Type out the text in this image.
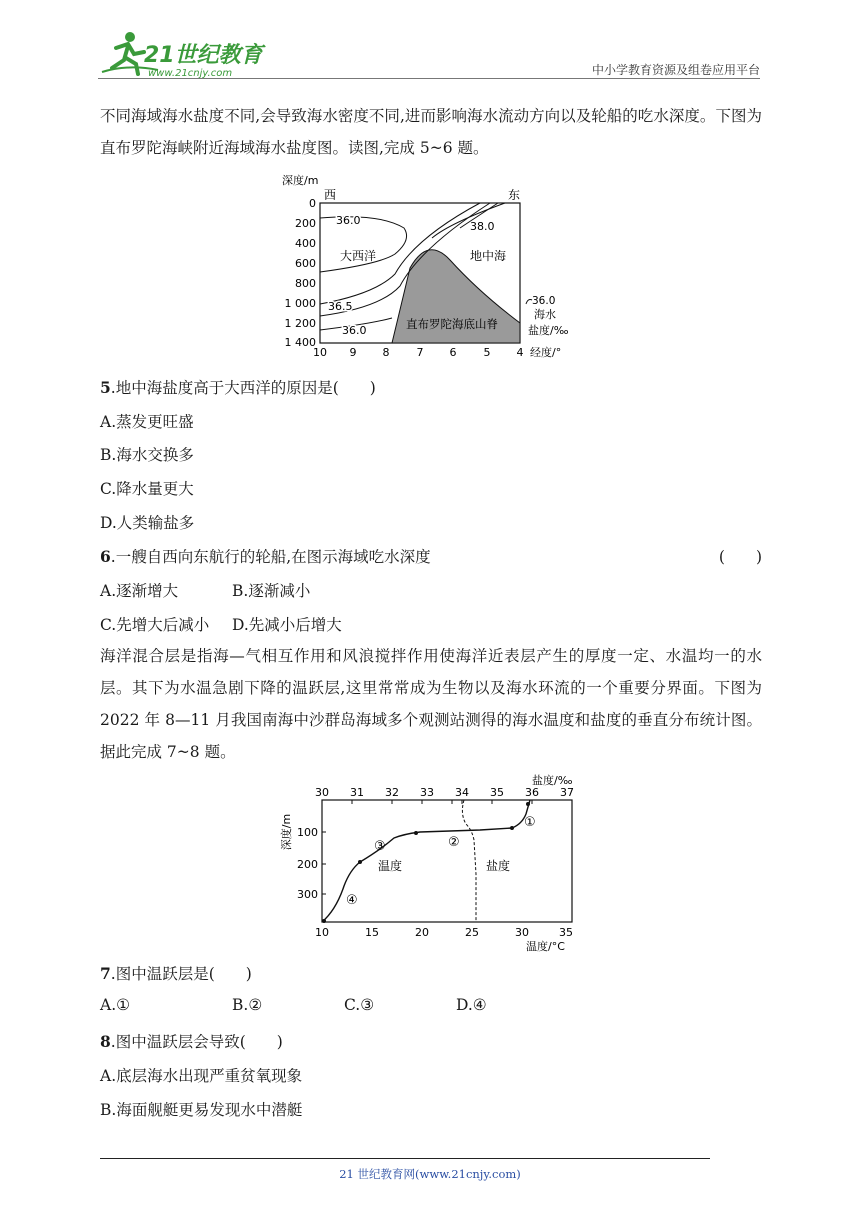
21世纪教育
www.21cnjy.com	中小学教育资源及组卷应用平台
不同海域海水盐度不同,会导致海水密度不同,进而影响海水流动方向以及轮船的吃水深度。下图为直布罗陀海峡附近海域海水盐度图。读图,完成 5~6 题。
深度/m
西	东
0
200
400
600
800
1 000
1 200
1 400
10 9 8 7 6 5 4 经度/°
大西洋	地中海
直布罗陀海底山脊
36.0	38.0
36.5
36.0
36.0
海水
盐度/‰
5.地中海盐度高于大西洋的原因是(　　)
A.蒸发更旺盛
B.海水交换多
C.降水量更大
D.人类输盐多
6.一艘自西向东航行的轮船,在图示海域吃水深度	(　　)
A.逐渐增大	B.逐渐减小
C.先增大后减小 D.先减小后增大
海洋混合层是指海—气相互作用和风浪搅拌作用使海洋近表层产生的厚度一定、水温均一的水层。其下为水温急剧下降的温跃层,这里常常成为生物以及海水环流的一个重要分界面。下图为 2022 年 8—11 月我国南海中沙群岛海域多个观测站测得的海水温度和盐度的垂直分布统计图。据此完成 7~8 题。
盐度/‰
30 31 32 33 34 35 36 37
深度/m 100
200
300
10	15	20	25	30	35
温度/°C
温度	盐度
①
②
③
④
7.图中温跃层是(　　)
A.①	B.②	C.③	D.④
8.图中温跃层会导致(　　)
A.底层海水出现严重贫氧现象
B.海面舰艇更易发现水中潜艇
21 世纪教育网(www.21cnjy.com)
